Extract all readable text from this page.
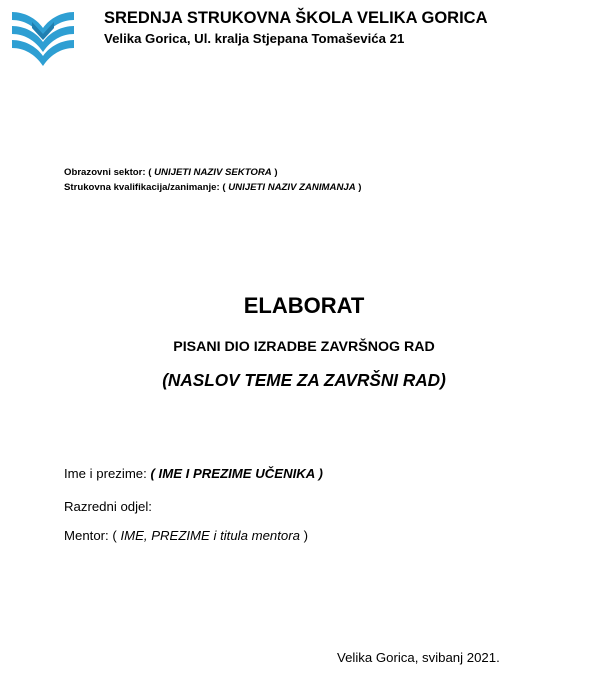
SREDNJA STRUKOVNA ŠKOLA VELIKA GORICA
Velika Gorica, Ul. kralja Stjepana Tomaševića 21
Obrazovni sektor: ( UNIJETI NAZIV SEKTORA )
Strukovna kvalifikacija/zanimanje: ( UNIJETI NAZIV ZANIMANJA )
ELABORAT
PISANI DIO IZRADBE ZAVRŠNOG RAD
(NASLOV TEME ZA ZAVRŠNI RAD)
Ime i prezime: ( IME I PREZIME UČENIKA )
Razredni odjel:
Mentor: ( IME, PREZIME i titula mentora )
Velika Gorica, svibanj 2021.
